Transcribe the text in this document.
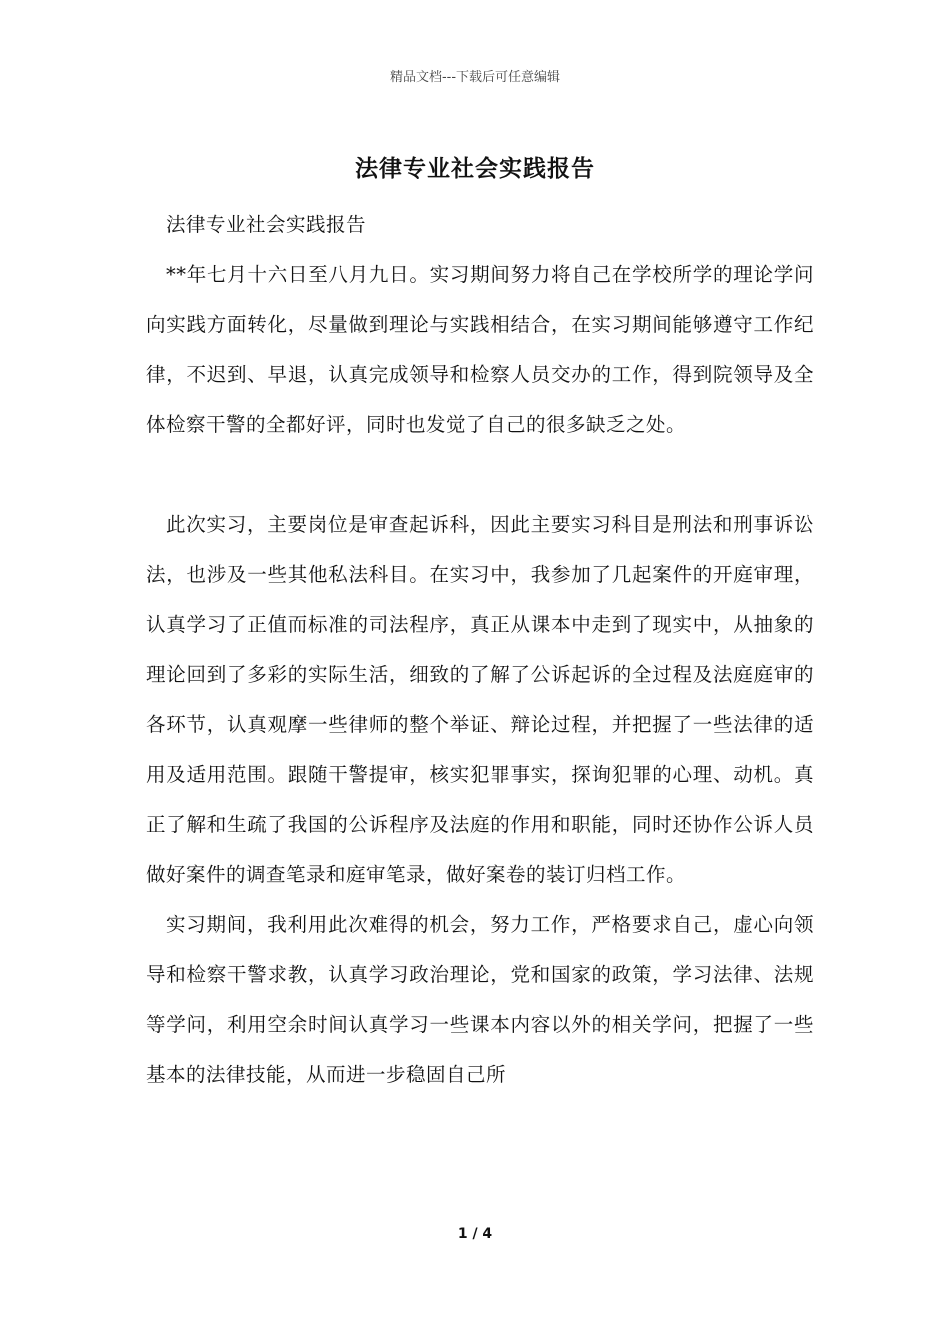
精品文档---下载后可任意编辑
法律专业社会实践报告

法律专业社会实践报告

**年七月十六日至八月九日。实习期间努力将自己在学校所学的理论学问向实践方面转化，尽量做到理论与实践相结合，在实习期间能够遵守工作纪律，不迟到、早退，认真完成领导和检察人员交办的工作，得到院领导及全体检察干警的全都好评，同时也发觉了自己的很多缺乏之处。

此次实习，主要岗位是审查起诉科，因此主要实习科目是刑法和刑事诉讼法，也涉及一些其他私法科目。在实习中，我参加了几起案件的开庭审理，认真学习了正值而标准的司法程序，真正从课本中走到了现实中，从抽象的理论回到了多彩的实际生活，细致的了解了公诉起诉的全过程及法庭庭审的各环节，认真观摩一些律师的整个举证、辩论过程，并把握了一些法律的适用及适用范围。跟随干警提审，核实犯罪事实，探询犯罪的心理、动机。真正了解和生疏了我国的公诉程序及法庭的作用和职能，同时还协作公诉人员做好案件的调查笔录和庭审笔录，做好案卷的装订归档工作。

实习期间，我利用此次难得的机会，努力工作，严格要求自己，虚心向领导和检察干警求教，认真学习政治理论，党和国家的政策，学习法律、法规等学问，利用空余时间认真学习一些课本内容以外的相关学问，把握了一些基本的法律技能，从而进一步稳固自己所

1 / 4
